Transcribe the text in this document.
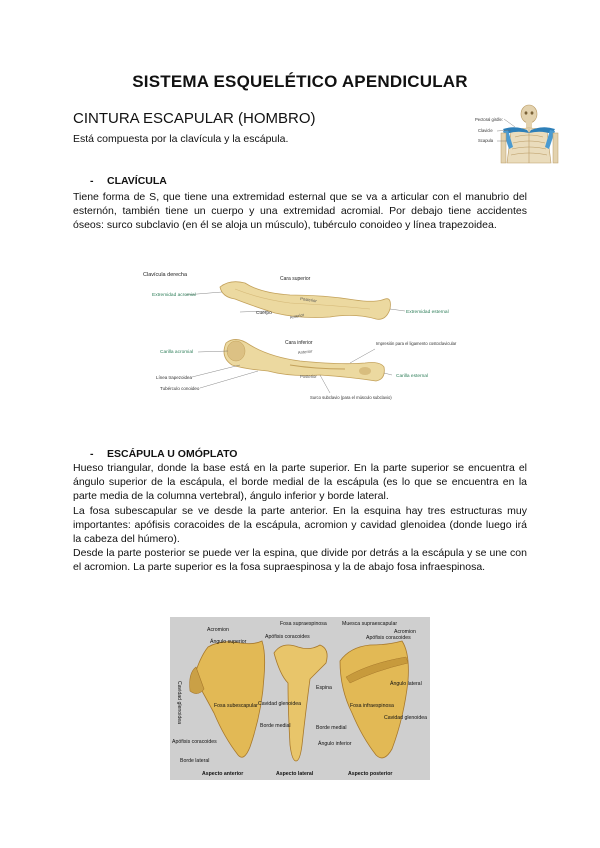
SISTEMA ESQUELÉTICO APENDICULAR
CINTURA ESCAPULAR (HOMBRO)
Está compuesta por la clavícula y la escápula.
Pectoral girdle:
Clavicle
Scapula
- CLAVÍCULA

Tiene forma de S, que tiene una extremidad esternal que se va a articular con el manubrio del esternón, también tiene un cuerpo y una extremidad acromial. Por debajo tiene accidentes óseos: surco subclavio (en él se aloja un músculo), tubérculo conoideo y línea trapezoidea.

Clavícula derecha
Cara superior
Extremidad acromial
Posterior
Cuerpo	Anterior	Extremidad esternal
Cara inferior
Carilla acromial	Anterior
Posterior
Impresión para el ligamento costoclavicular
Línea trapezoidea
Tubérculo conoideo
Carilla esternal
Surco subclavio (para el músculo subclavio)
- ESCÁPULA U OMÓPLATO

Hueso triangular, donde la base está en la parte superior. En la parte superior se encuentra el ángulo superior de la escápula, el borde medial de la escápula (es lo que se encuentra en la parte media de la columna vertebral), ángulo inferior y borde lateral.

La fosa subescapular se ve desde la parte anterior. En la esquina hay tres estructuras muy importantes: apófisis coracoides de la escápula, acromion y cavidad glenoidea (donde luego irá la cabeza del húmero).

Desde la parte posterior se puede ver la espina, que divide por detrás a la escápula y se une con el acromion. La parte superior es la fosa supraespinosa y la de abajo fosa infraespinosa.

Acromion
Ángulo superior
Apófisis coracoides
Fosa supraespinosa	Muesca supraescapular
Acromion
Apófisis coracoides
Cavidad glenoidea	Fosa subescapular Cavidad glenoidea
Espina
Ángulo lateral
Fosa infraespinosa
Cavidad glenoidea
Apófisis coracoides
Borde medial	Borde medial
Ángulo inferior
Borde lateral
Aspecto anterior	Aspecto lateral	Aspecto posterior
